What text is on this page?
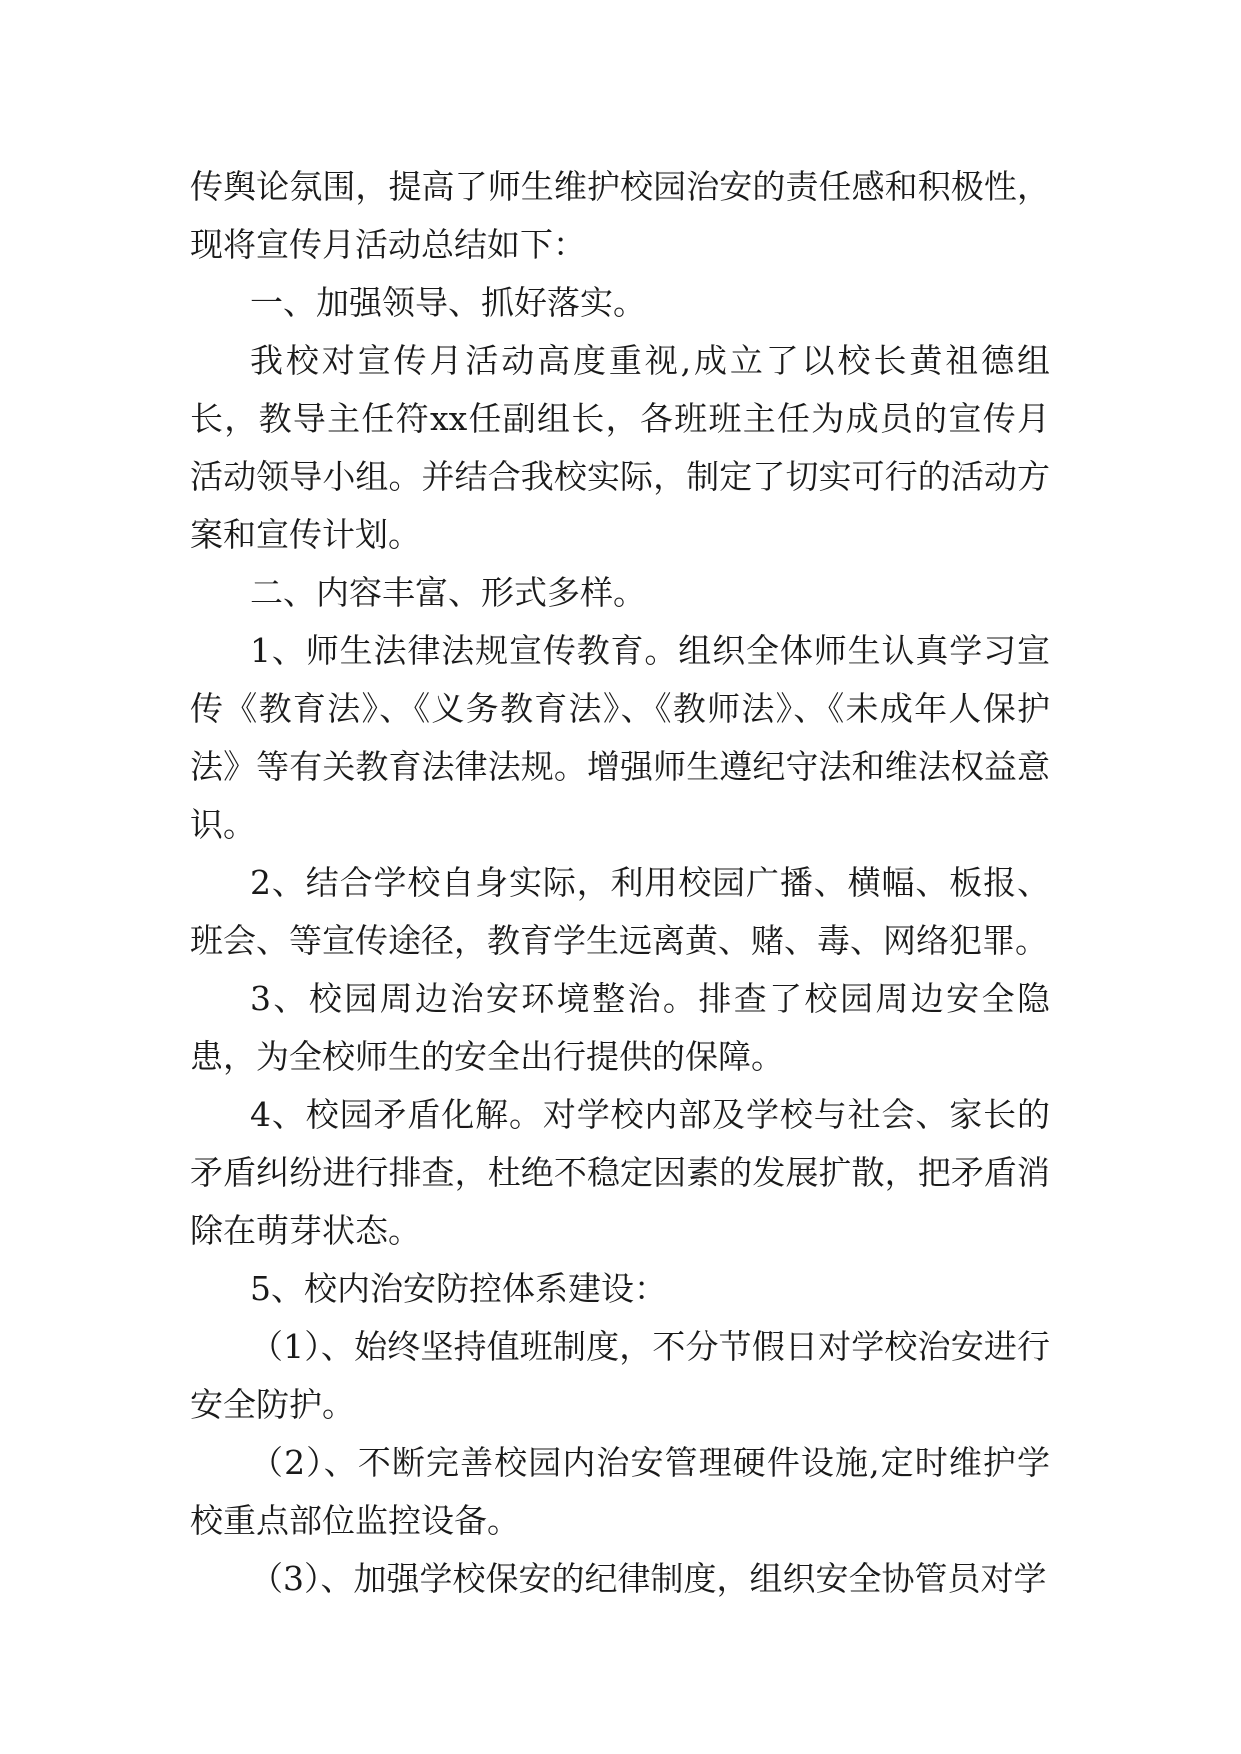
传舆论氛围，提高了师生维护校园治安的责任感和积极性，现将宣传月活动总结如下：

一、加强领导、抓好落实。

我校对宣传月活动高度重视,成立了以校长黄祖德组长，教导主任符xx任副组长，各班班主任为成员的宣传月活动领导小组。并结合我校实际，制定了切实可行的活动方案和宣传计划。

二、内容丰富、形式多样。

1、师生法律法规宣传教育。组织全体师生认真学习宣传《教育法》、《义务教育法》、《教师法》、《未成年人保护法》等有关教育法律法规。增强师生遵纪守法和维法权益意识。

2、结合学校自身实际，利用校园广播、横幅、板报、班会、等宣传途径，教育学生远离黄、赌、毒、网络犯罪。

3、校园周边治安环境整治。排查了校园周边安全隐患，为全校师生的安全出行提供的保障。

4、校园矛盾化解。对学校内部及学校与社会、家长的矛盾纠纷进行排查，杜绝不稳定因素的发展扩散，把矛盾消除在萌芽状态。

5、校内治安防控体系建设：

（1）、始终坚持值班制度，不分节假日对学校治安进行安全防护。

（2）、不断完善校园内治安管理硬件设施,定时维护学校重点部位监控设备。

（3）、加强学校保安的纪律制度，组织安全协管员对学
